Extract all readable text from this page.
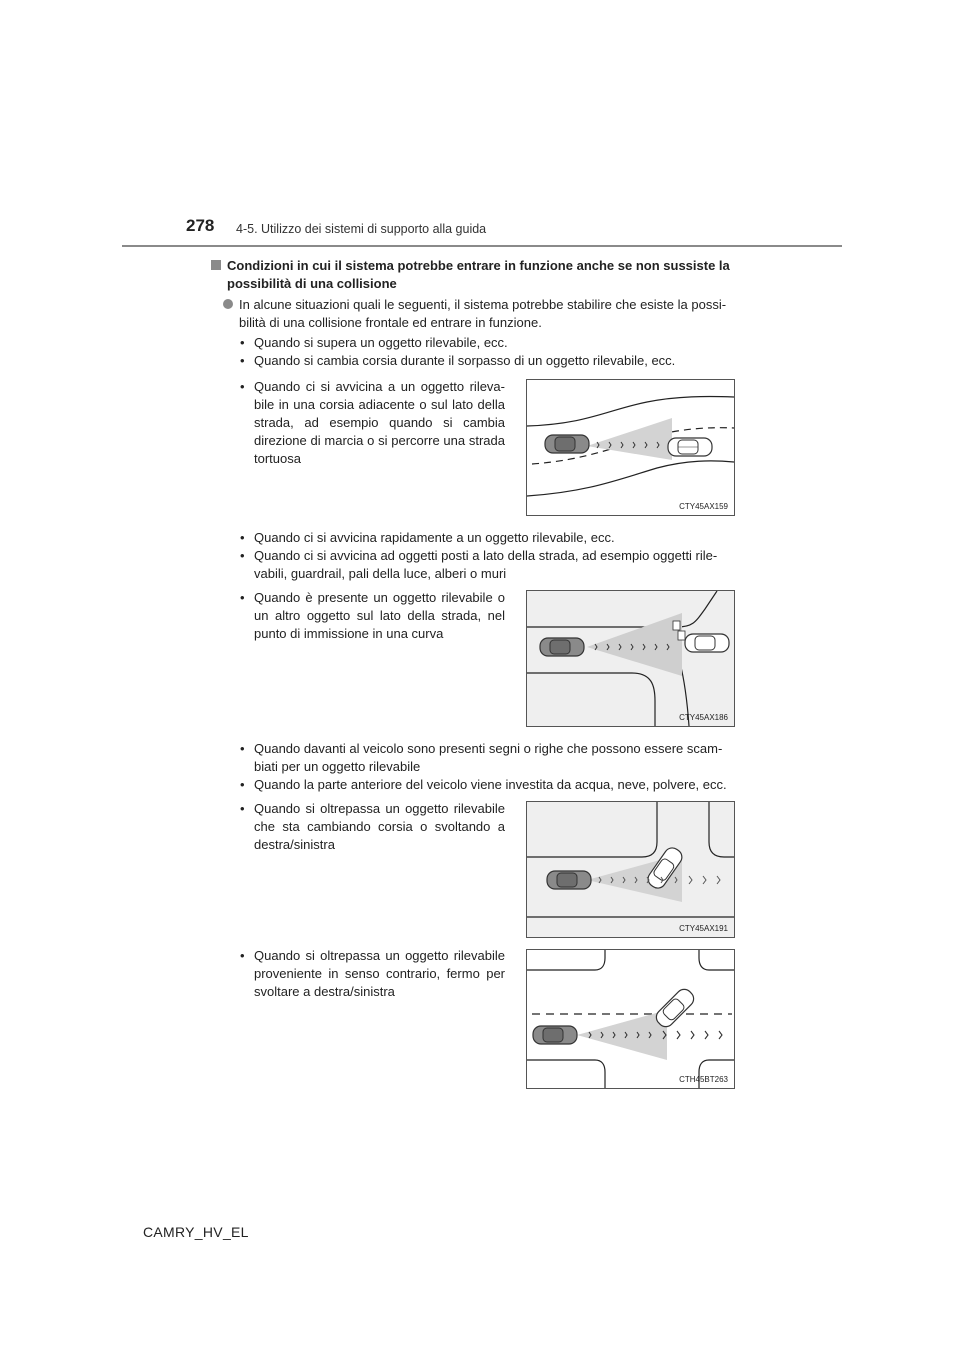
278 4-5. Utilizzo dei sistemi di supporto alla guida
Condizioni in cui il sistema potrebbe entrare in funzione anche se non sussiste la
possibilità di una collisione
In alcune situazioni quali le seguenti, il sistema potrebbe stabilire che esiste la possi-
bilità di una collisione frontale ed entrare in funzione.
• Quando si supera un oggetto rilevabile, ecc.
• Quando si cambia corsia durante il sorpasso di un oggetto rilevabile, ecc.
• Quando ci si avvicina a un oggetto rileva-bile in una corsia adiacente o sul lato della strada, ad esempio quando si cambia direzione di marcia o si percorre una strada tortuosa
CTY45AX159
• Quando ci si avvicina rapidamente a un oggetto rilevabile, ecc.
• Quando ci si avvicina ad oggetti posti a lato della strada, ad esempio oggetti rile-
vabili, guardrail, pali della luce, alberi o muri
• Quando è presente un oggetto rilevabile o un altro oggetto sul lato della strada, nel punto di immissione in una curva
CTY45AX186
• Quando davanti al veicolo sono presenti segni o righe che possono essere scam-
biati per un oggetto rilevabile
• Quando la parte anteriore del veicolo viene investita da acqua, neve, polvere, ecc.
• Quando si oltrepassa un oggetto rilevabile che sta cambiando corsia o svoltando a destra/sinistra
CTY45AX191
• Quando si oltrepassa un oggetto rilevabile proveniente in senso contrario, fermo per svoltare a destra/sinistra
CTH45BT263
CAMRY_HV_EL
